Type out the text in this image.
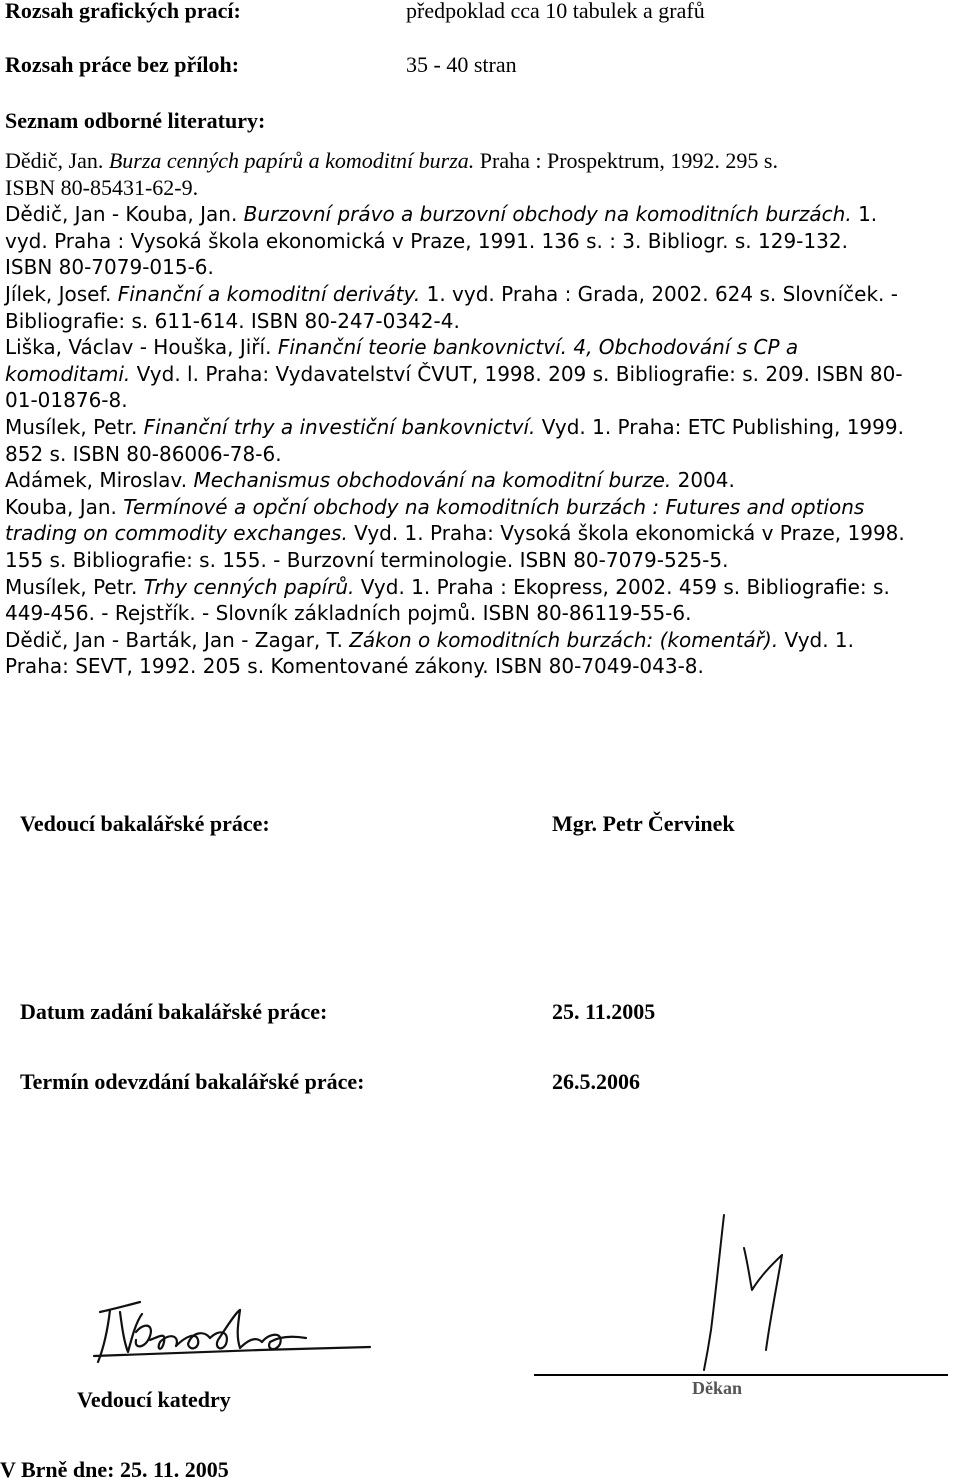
Rozsah grafických prací:	předpoklad cca 10 tabulek a grafů
Rozsah práce bez příloh:	35 - 40 stran
Seznam odborné literatury:
Dědič, Jan. Burza cenných papírů a komoditní burza. Praha : Prospektrum, 1992. 295 s.
ISBN 80-85431-62-9.
Dědič, Jan - Kouba, Jan. Burzovní právo a burzovní obchody na komoditních burzách. 1.
vyd. Praha : Vysoká škola ekonomická v Praze, 1991. 136 s. : 3. Bibliogr. s. 129-132.
ISBN 80-7079-015-6.
Jílek, Josef. Finanční a komoditní deriváty. 1. vyd. Praha : Grada, 2002. 624 s. Slovníček. -
Bibliografie: s. 611-614. ISBN 80-247-0342-4.
Liška, Václav - Houška, Jiří. Finanční teorie bankovnictví. 4, Obchodování s CP a
komoditami. Vyd. l. Praha: Vydavatelství ČVUT, 1998. 209 s. Bibliografie: s. 209. ISBN 80-
01-01876-8.
Musílek, Petr. Finanční trhy a investiční bankovnictví. Vyd. 1. Praha: ETC Publishing, 1999.
852 s. ISBN 80-86006-78-6.
Adámek, Miroslav. Mechanismus obchodování na komoditní burze. 2004.
Kouba, Jan. Termínové a opční obchody na komoditních burzách : Futures and options
trading on commodity exchanges. Vyd. 1. Praha: Vysoká škola ekonomická v Praze, 1998.
155 s. Bibliografie: s. 155. - Burzovní terminologie. ISBN 80-7079-525-5.
Musílek, Petr. Trhy cenných papírů. Vyd. 1. Praha : Ekopress, 2002. 459 s. Bibliografie: s.
449-456. - Rejstřík. - Slovník základních pojmů. ISBN 80-86119-55-6.
Dědič, Jan - Barták, Jan - Zagar, T. Zákon o komoditních burzách: (komentář). Vyd. 1.
Praha: SEVT, 1992. 205 s. Komentované zákony. ISBN 80-7049-043-8.
Vedoucí bakalářské práce:	Mgr. Petr Červinek
Datum zadání bakalářské práce:	25. 11.2005
Termín odevzdání bakalářské práce:	26.5.2006
Holoada
Vedoucí katedry	Děkan
V Brně dne: 25. 11. 2005
